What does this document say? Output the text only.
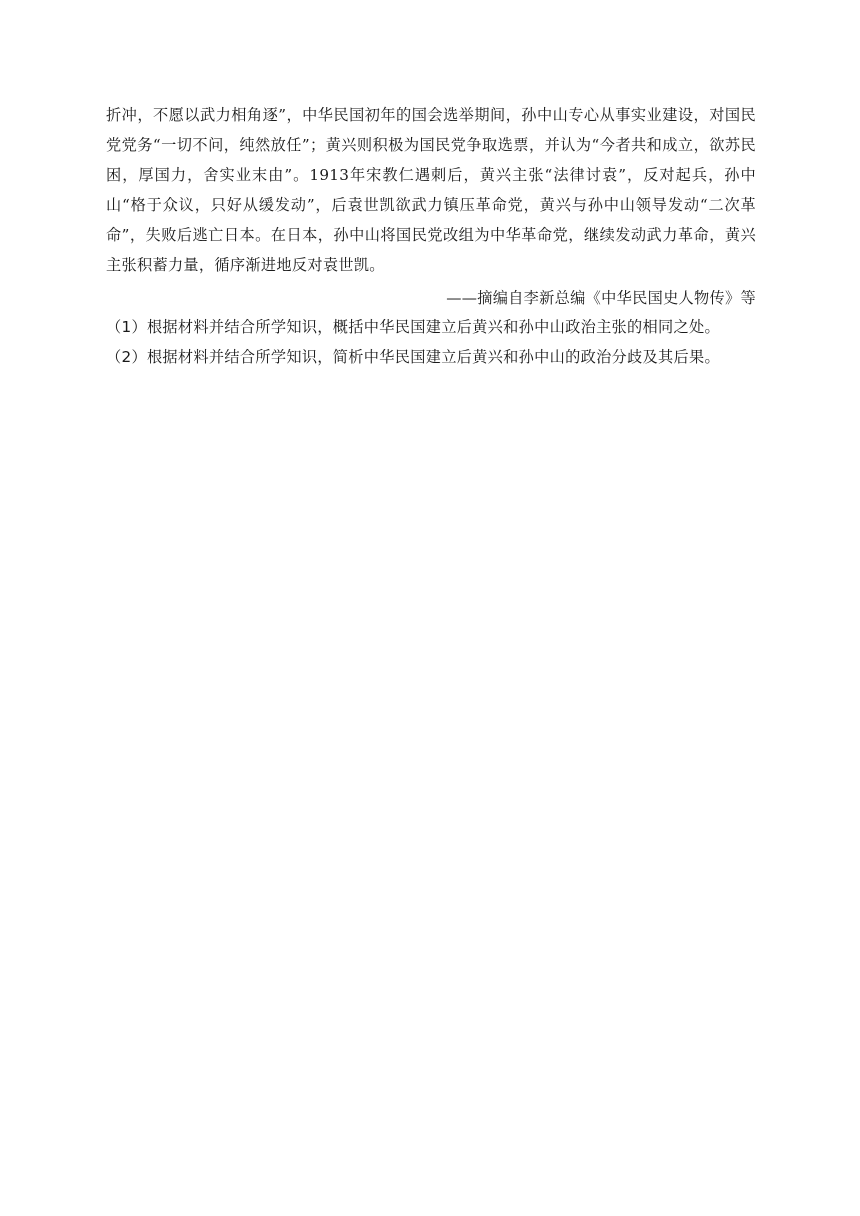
折冲，不愿以武力相角逐”，中华民国初年的国会选举期间，孙中山专心从事实业建设，对国民党党务“一切不问，纯然放任”；黄兴则积极为国民党争取选票，并认为“今者共和成立，欲苏民困，厚国力，舍实业末由”。1913年宋教仁遇刺后，黄兴主张“法律讨袁”，反对起兵，孙中山“格于众议，只好从缓发动”，后袁世凯欲武力镇压革命党，黄兴与孙中山领导发动“二次革命”，失败后逃亡日本。在日本，孙中山将国民党改组为中华革命党，继续发动武力革命，黄兴主张积蓄力量，循序渐进地反对袁世凯。

——摘编自李新总编《中华民国史人物传》等

（1）根据材料并结合所学知识，概括中华民国建立后黄兴和孙中山政治主张的相同之处。

（2）根据材料并结合所学知识，简析中华民国建立后黄兴和孙中山的政治分歧及其后果。
